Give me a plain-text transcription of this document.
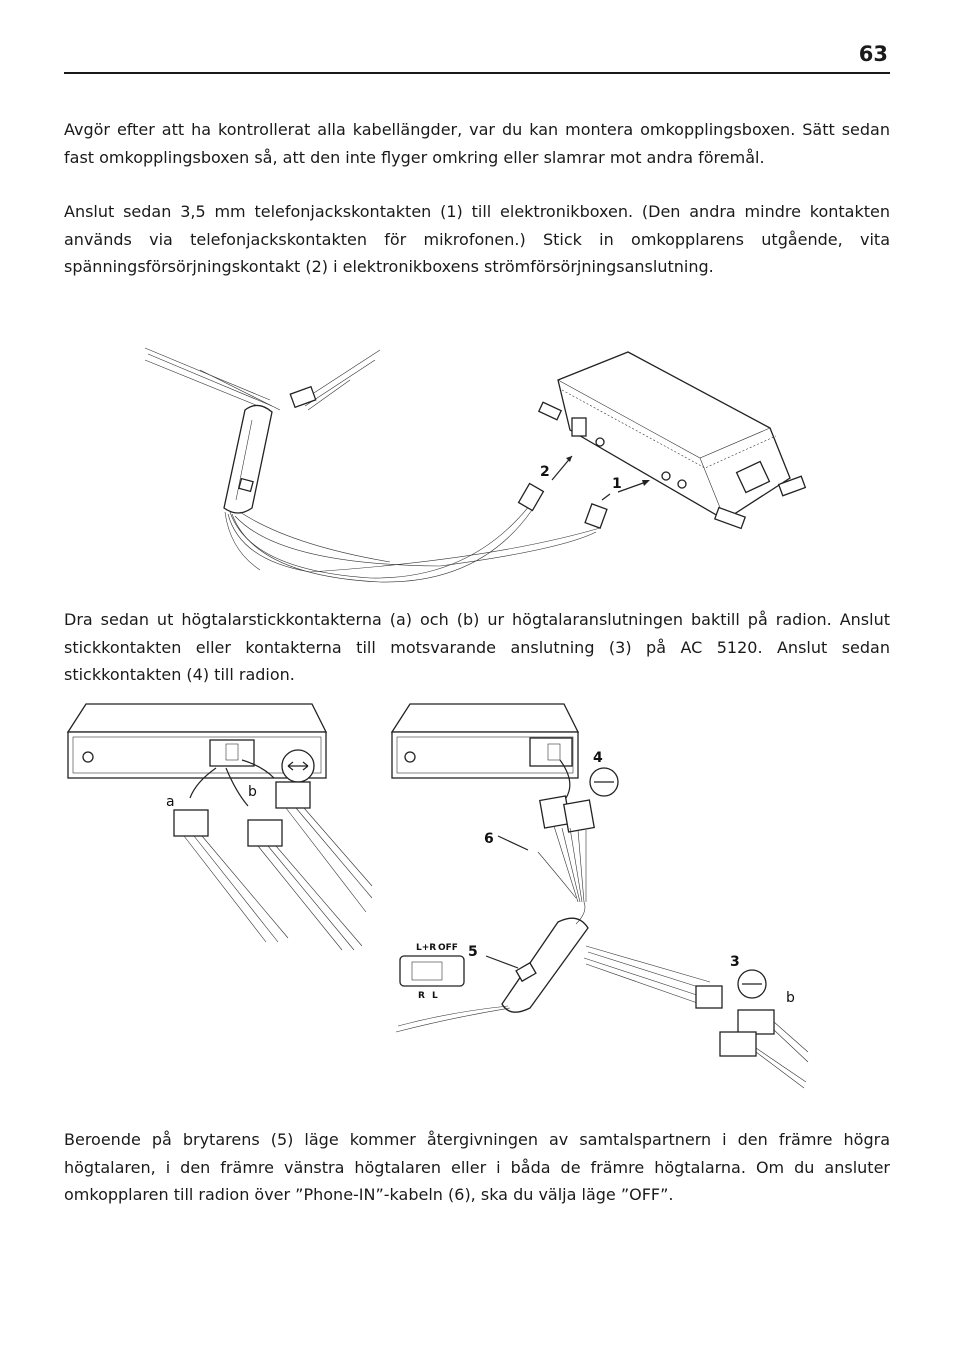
63

Avgör efter att ha kontrollerat alla kabellängder, var du kan montera omkopplingsboxen. Sätt sedan fast omkopplingsboxen så, att den inte flyger omkring eller slamrar mot andra föremål.

Anslut sedan 3,5 mm telefonjackskontakten (1) till elektronikboxen. (Den andra mindre kontakten används via telefonjackskontakten för mikrofonen.) Stick in omkopplarens utgående, vita spänningsförsörjningskontakt (2) i elektronikboxens strömförsörjningsanslutning.

2
1

Dra sedan ut högtalarstickkontakterna (a) och (b) ur högtalaranslutningen baktill på radion. Anslut stickkontakten eller kontakterna till motsvarande anslutning (3) på AC 5120. Anslut sedan stickkontakten (4) till radion.

a
b
4
6
5
L+R OFF
R L
3
b

Beroende på brytarens (5) läge kommer återgivningen av samtalspartnern i den främre högra högtalaren, i den främre vänstra högtalaren eller i båda de främre högtalarna. Om du ansluter omkopplaren till radion över ”Phone-IN”-kabeln (6), ska du välja läge ”OFF”.
